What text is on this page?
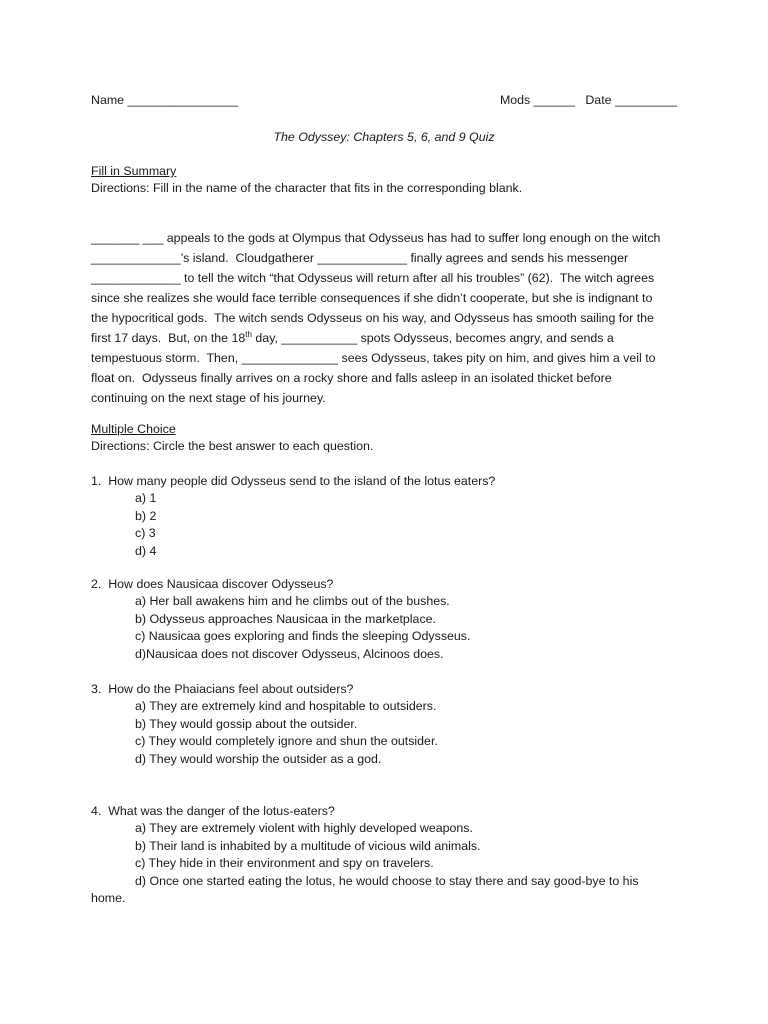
Name ________________	Mods ______   Date _________
The Odyssey: Chapters 5, 6, and 9 Quiz
Fill in Summary
Directions: Fill in the name of the character that fits in the corresponding blank.
_______ ___ appeals to the gods at Olympus that Odysseus has had to suffer long enough on the witch
_____________’s island.  Cloudgatherer _____________ finally agrees and sends his messenger
_____________ to tell the witch “that Odysseus will return after all his troubles” (62).  The witch agrees
since she realizes she would face terrible consequences if she didn’t cooperate, but she is indignant to
the hypocritical gods.  The witch sends Odysseus on his way, and Odysseus has smooth sailing for the
first 17 days.  But, on the 18th day, ___________ spots Odysseus, becomes angry, and sends a
tempestuous storm.  Then, ______________ sees Odysseus, takes pity on him, and gives him a veil to
float on.  Odysseus finally arrives on a rocky shore and falls asleep in an isolated thicket before
continuing on the next stage of his journey.
Multiple Choice
Directions: Circle the best answer to each question.
1.  How many people did Odysseus send to the island of the lotus eaters?
a) 1
b) 2
c) 3
d) 4
2.  How does Nausicaa discover Odysseus?
a) Her ball awakens him and he climbs out of the bushes.
b) Odysseus approaches Nausicaa in the marketplace.
c) Nausicaa goes exploring and finds the sleeping Odysseus.
d)Nausicaa does not discover Odysseus, Alcinoos does.
3.  How do the Phaiacians feel about outsiders?
a) They are extremely kind and hospitable to outsiders.
b) They would gossip about the outsider.
c) They would completely ignore and shun the outsider.
d) They would worship the outsider as a god.
4.  What was the danger of the lotus-eaters?
a) They are extremely violent with highly developed weapons.
b) Their land is inhabited by a multitude of vicious wild animals.
c) They hide in their environment and spy on travelers.
d) Once one started eating the lotus, he would choose to stay there and say good-bye to his
home.
